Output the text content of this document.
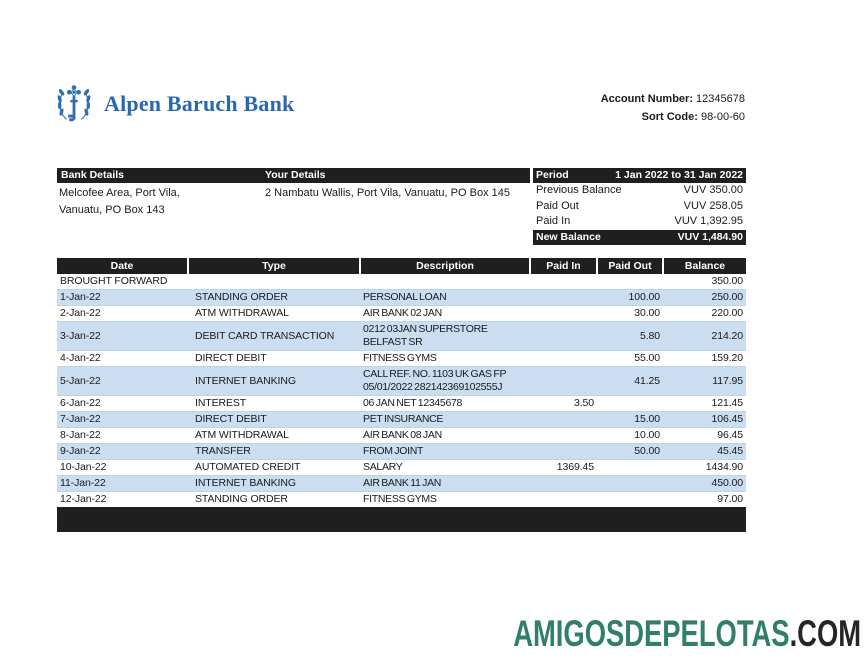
Alpen Baruch Bank	Account Number: 12345678
Sort Code: 98-00-60
Bank Details	Your Details
Melcofee Area, Port Vila,
Vanuatu, PO Box 143
2 Nambatu Wallis, Port Vila, Vanuatu, PO Box 145
Period	1 Jan 2022 to 31 Jan 2022
Previous Balance	VUV 350.00
Paid Out	VUV 258.05
Paid In	VUV 1,392.95
New Balance	VUV 1,484.90
Date	Type	Description	Paid In	Paid Out	Balance
BROUGHT FORWARD					350.00
1-Jan-22	STANDING ORDER	PERSONAL LOAN		100.00	250.00
2-Jan-22	ATM WITHDRAWAL	AIR BANK 02 JAN		30.00	220.00
3-Jan-22	DEBIT CARD TRANSACTION	0212 03JAN SUPERSTORE BELFAST SR		5.80	214.20
4-Jan-22	DIRECT DEBIT	FITNESS GYMS		55.00	159.20
5-Jan-22	INTERNET BANKING	CALL REF. NO. 1103 UK GAS FP 05/01/2022 282142369102555J		41.25	117.95
6-Jan-22	INTEREST	06 JAN NET 12345678	3.50		121.45
7-Jan-22	DIRECT DEBIT	PET INSURANCE		15.00	106.45
8-Jan-22	ATM WITHDRAWAL	AIR BANK 08 JAN		10.00	96.45
9-Jan-22	TRANSFER	FROM JOINT		50.00	45.45
10-Jan-22	AUTOMATED CREDIT	SALARY	1369.45		1434.90
11-Jan-22	INTERNET BANKING	AIR BANK 11 JAN			450.00
12-Jan-22	STANDING ORDER	FITNESS GYMS			97.00
AMIGOSDEPELOTAS.COM
